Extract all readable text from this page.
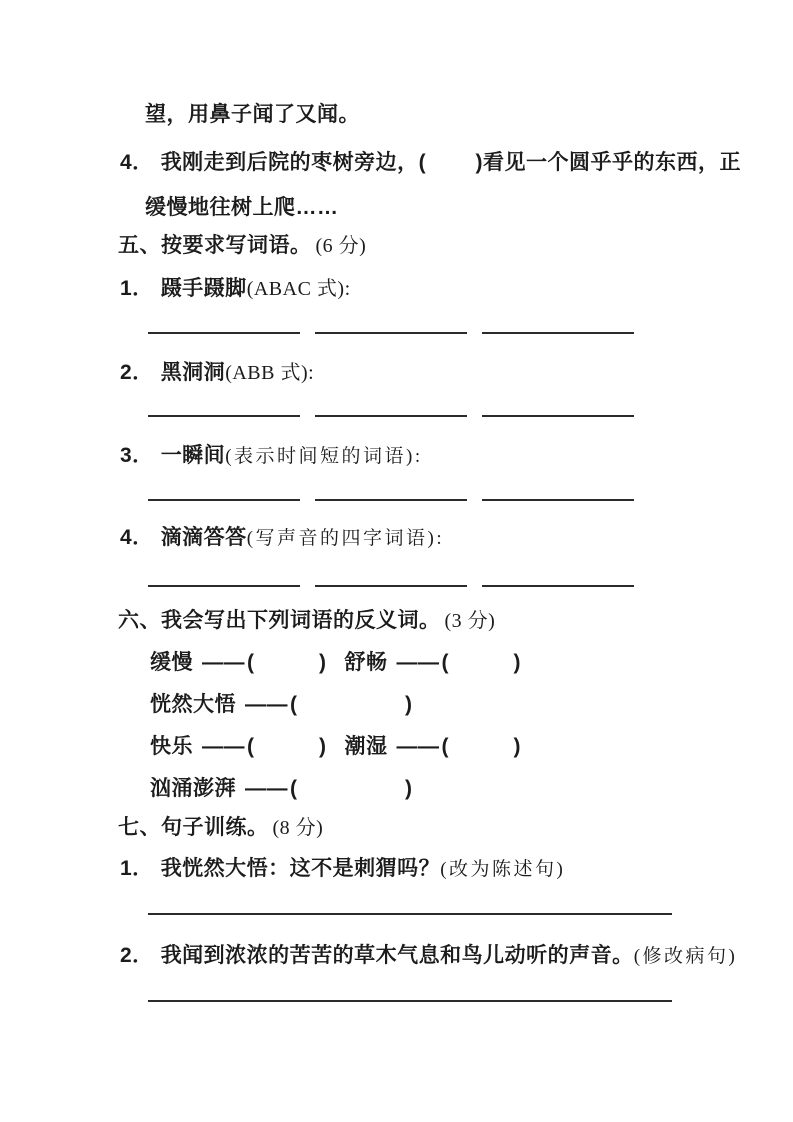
望，用鼻子闻了又闻。
4． 我刚走到后院的枣树旁边，(　　 )看见一个圆乎乎的东西，正
缓慢地往树上爬……
五、按要求写词语。 (6 分)
1． 蹑手蹑脚(ABAC 式):
2． 黑洞洞(ABB 式):
3． 一瞬间(表示时间短的词语):
4． 滴滴答答(写声音的四字词语):
六、我会写出下列词语的反义词。 (3 分)
缓慢 ——(　　　) 舒畅 ——(　　　)
恍然大悟 ——(　　　　　)
快乐 ——(　　　) 潮湿 ——(　　　)
汹涌澎湃 ——(　　　　　)
七、句子训练。 (8 分)
1． 我恍然大悟：这不是刺猬吗？(改为陈述句)
2． 我闻到浓浓的苦苦的草木气息和鸟儿动听的声音。(修改病句)
